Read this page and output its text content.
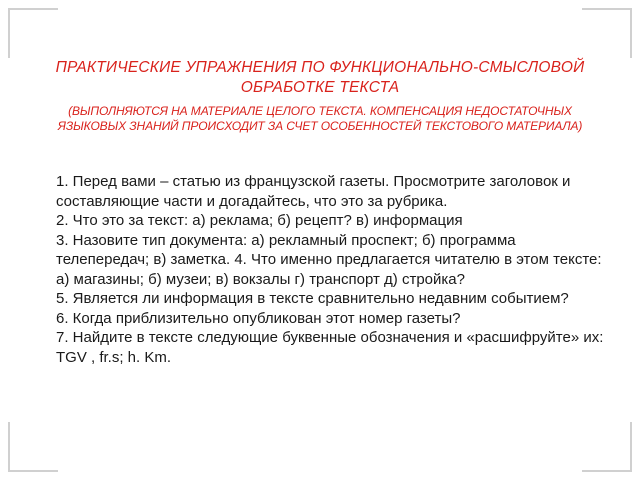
ПРАКТИЧЕСКИЕ УПРАЖНЕНИЯ ПО ФУНКЦИОНАЛЬНО-СМЫСЛОВОЙ
ОБРАБОТКЕ ТЕКСТА
(ВЫПОЛНЯЮТСЯ НА МАТЕРИАЛЕ ЦЕЛОГО ТЕКСТА. КОМПЕНСАЦИЯ НЕДОСТАТОЧНЫХ
ЯЗЫКОВЫХ ЗНАНИЙ ПРОИСХОДИТ ЗА СЧЕТ ОСОБЕННОСТЕЙ ТЕКСТОВОГО МАТЕРИАЛА)

1. Перед вами – статью из французской газеты. Просмотрите заголовок и составляющие части и догадайтесь, что это за рубрика.

2. Что это за текст: а) реклама; б) рецепт? в) информация

3. Назовите тип документа: а) рекламный проспект; б) программа телепередач; в) заметка. 4. Что именно предлагается читателю в этом тексте: а) магазины; б) музеи; в) вокзалы г) транспорт д) стройка?

5. Является ли информация в тексте сравнительно недавним событием?

6. Когда приблизительно опубликован этот номер газеты?

7. Найдите в тексте следующие буквенные обозначения и «расшифруйте» их: TGV , fr.s; h. Km.
